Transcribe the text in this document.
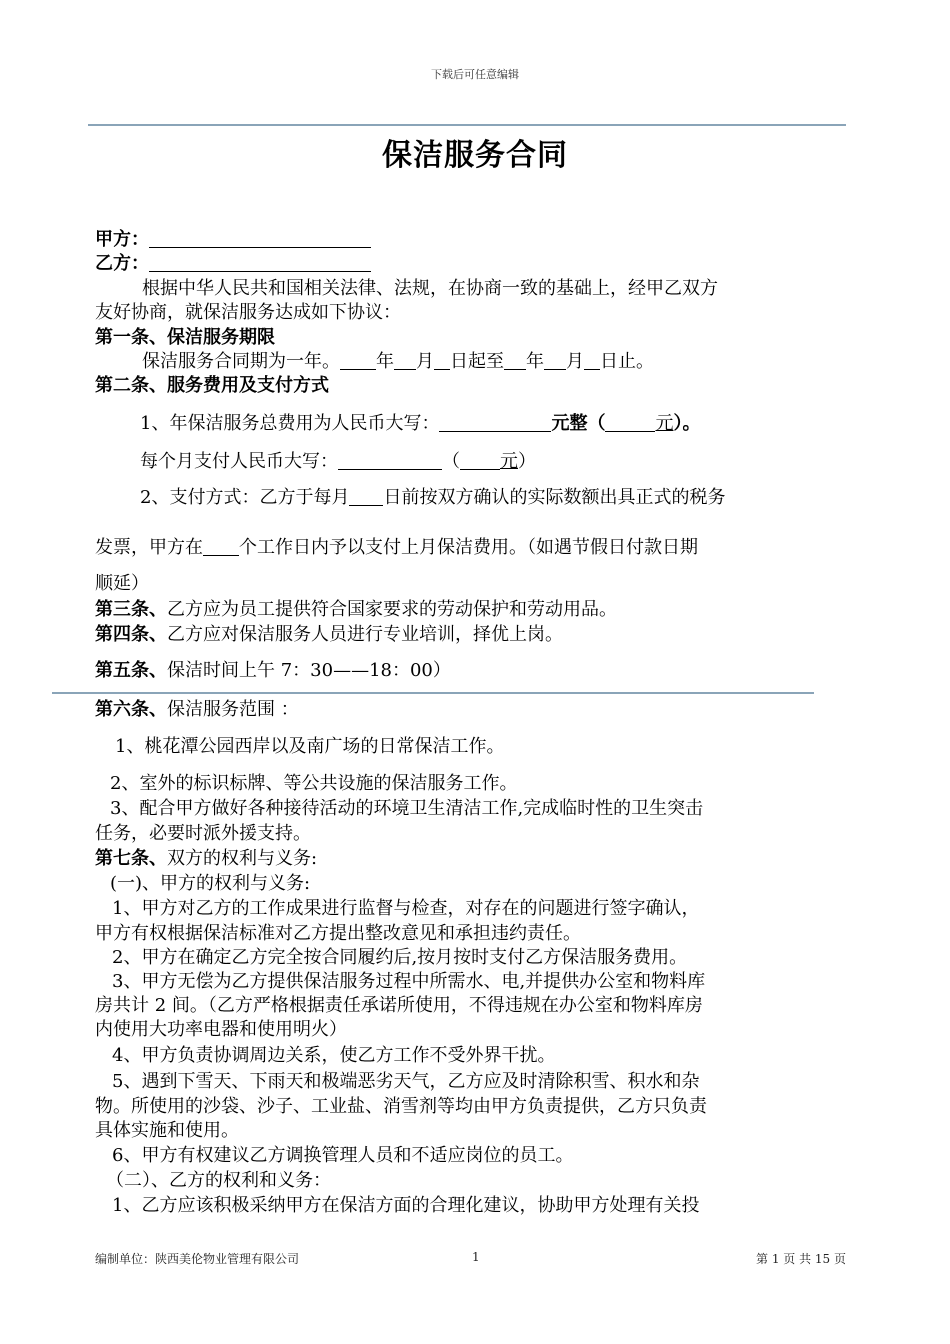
下载后可任意编辑
保洁服务合同
甲方：
乙方：
根据中华人民共和国相关法律、法规，在协商一致的基础上，经甲乙双方
友好协商，就保洁服务达成如下协议：
第一条、保洁服务期限
保洁服务合同期为一年。 年 月 日起至 年 月 日止。
第二条、服务费用及支付方式
1、年保洁服务总费用为人民币大写：	元整（	元）。
每个月支付人民币大写：	（ 元）
2、支付方式：乙方于每月 日前按双方确认的实际数额出具正式的税务
发票，甲方在 个工作日内予以支付上月保洁费用。（如遇节假日付款日期
顺延）
第三条、乙方应为员工提供符合国家要求的劳动保护和劳动用品。
第四条、乙方应对保洁服务人员进行专业培训，择优上岗。
第五条、保洁时间上午 7：30——18：00）
第六条、保洁服务范围 ：
1、桃花潭公园西岸以及南广场的日常保洁工作。
2、室外的标识标牌、等公共设施的保洁服务工作。
3、配合甲方做好各种接待活动的环境卫生清洁工作,完成临时性的卫生突击
任务，必要时派外援支持。
第七条、双方的权利与义务:
(一)、甲方的权利与义务:
1、甲方对乙方的工作成果进行监督与检查，对存在的问题进行签字确认，
甲方有权根据保洁标准对乙方提出整改意见和承担违约责任。
2、甲方在确定乙方完全按合同履约后,按月按时支付乙方保洁服务费用。
3、甲方无偿为乙方提供保洁服务过程中所需水、电,并提供办公室和物料库
房共计 2 间。（乙方严格根据责任承诺所使用，不得违规在办公室和物料库房
内使用大功率电器和使用明火）
4、甲方负责协调周边关系，使乙方工作不受外界干扰。
5、遇到下雪天、下雨天和极端恶劣天气，乙方应及时清除积雪、积水和杂
物。所使用的沙袋、沙子、工业盐、消雪剂等均由甲方负责提供，乙方只负责
具体实施和使用。
6、甲方有权建议乙方调换管理人员和不适应岗位的员工。
（二）、乙方的权利和义务：
1、乙方应该积极采纳甲方在保洁方面的合理化建议，协助甲方处理有关投
编制单位：陕西美伦物业管理有限公司	1	第 1 页 共 15 页
